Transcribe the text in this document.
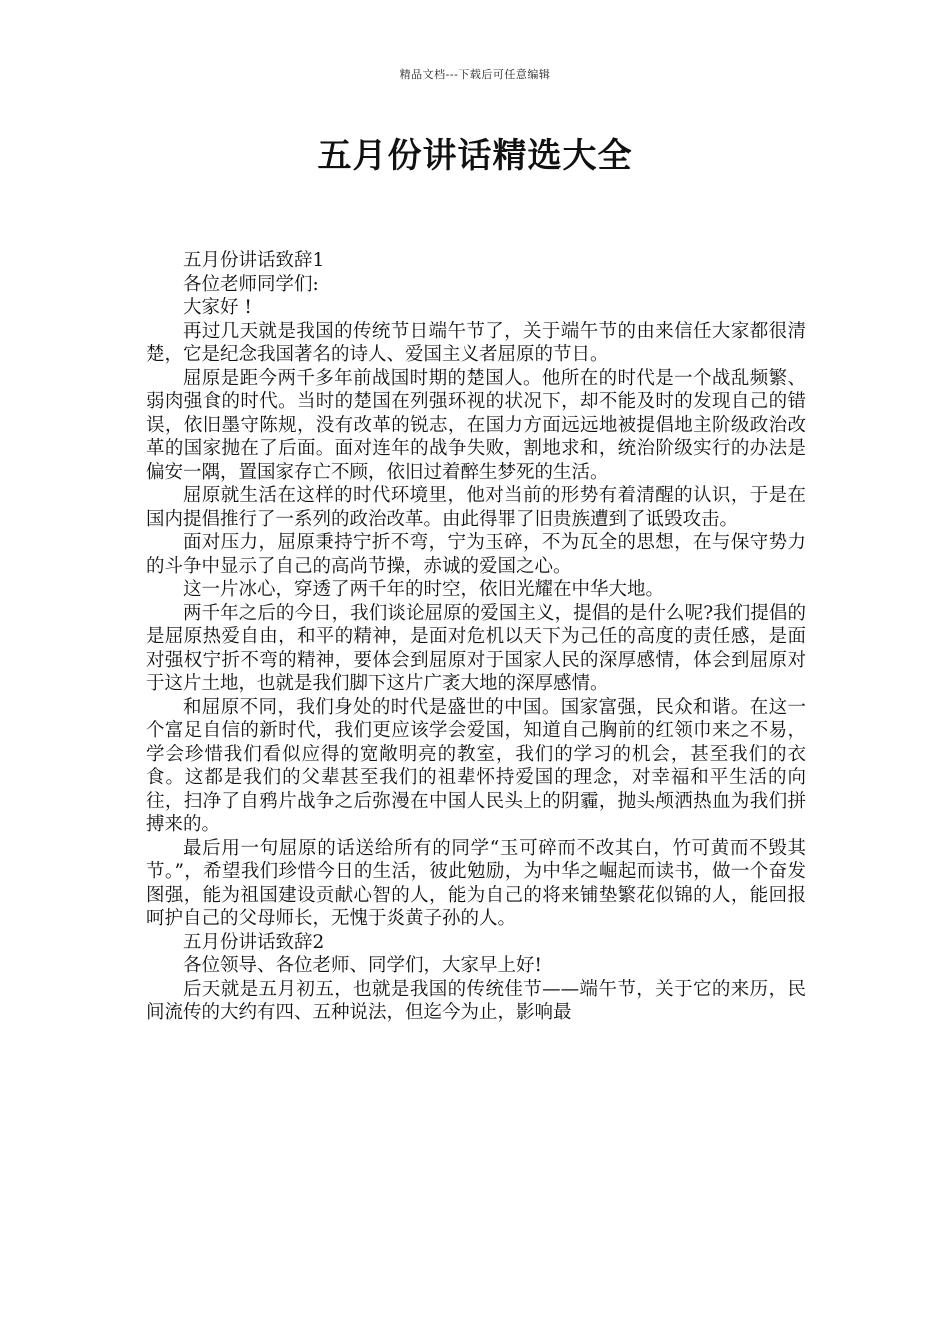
精品文档---下载后可任意编辑
五月份讲话精选大全

五月份讲话致辞1

各位老师同学们:

大家好 !

再过几天就是我国的传统节日端午节了，关于端午节的由来信任大家都很清楚，它是纪念我国著名的诗人、爱国主义者屈原的节日。

屈原是距今两千多年前战国时期的楚国人。他所在的时代是一个战乱频繁、弱肉强食的时代。当时的楚国在列强环视的状况下，却不能及时的发现自己的错误，依旧墨守陈规，没有改革的锐志，在国力方面远远地被提倡地主阶级政治改革的国家抛在了后面。面对连年的战争失败，割地求和，统治阶级实行的办法是偏安一隅，置国家存亡不顾，依旧过着醉生梦死的生活。

屈原就生活在这样的时代环境里，他对当前的形势有着清醒的认识，于是在国内提倡推行了一系列的政治改革。由此得罪了旧贵族遭到了诋毁攻击。

面对压力，屈原秉持宁折不弯，宁为玉碎，不为瓦全的思想，在与保守势力的斗争中显示了自己的高尚节操，赤诚的爱国之心。

这一片冰心，穿透了两千年的时空，依旧光耀在中华大地。

两千年之后的今日，我们谈论屈原的爱国主义，提倡的是什么呢?我们提倡的是屈原热爱自由，和平的精神，是面对危机以天下为己任的高度的责任感，是面对强权宁折不弯的精神，要体会到屈原对于国家人民的深厚感情，体会到屈原对于这片土地，也就是我们脚下这片广袤大地的深厚感情。

和屈原不同，我们身处的时代是盛世的中国。国家富强，民众和谐。在这一个富足自信的新时代，我们更应该学会爱国，知道自己胸前的红领巾来之不易，学会珍惜我们看似应得的宽敞明亮的教室，我们的学习的机会，甚至我们的衣食。这都是我们的父辈甚至我们的祖辈怀持爱国的理念，对幸福和平生活的向往，扫净了自鸦片战争之后弥漫在中国人民头上的阴霾，抛头颅洒热血为我们拼搏来的。

最后用一句屈原的话送给所有的同学“玉可碎而不改其白，竹可黄而不毁其节。”，希望我们珍惜今日的生活，彼此勉励，为中华之崛起而读书，做一个奋发图强，能为祖国建设贡献心智的人，能为自己的将来铺垫繁花似锦的人，能回报呵护自己的父母师长，无愧于炎黄子孙的人。

五月份讲话致辞2

各位领导、各位老师、同学们，大家早上好!

后天就是五月初五，也就是我国的传统佳节——端午节，关于它的来历，民间流传的大约有四、五种说法，但迄今为止，影响最
